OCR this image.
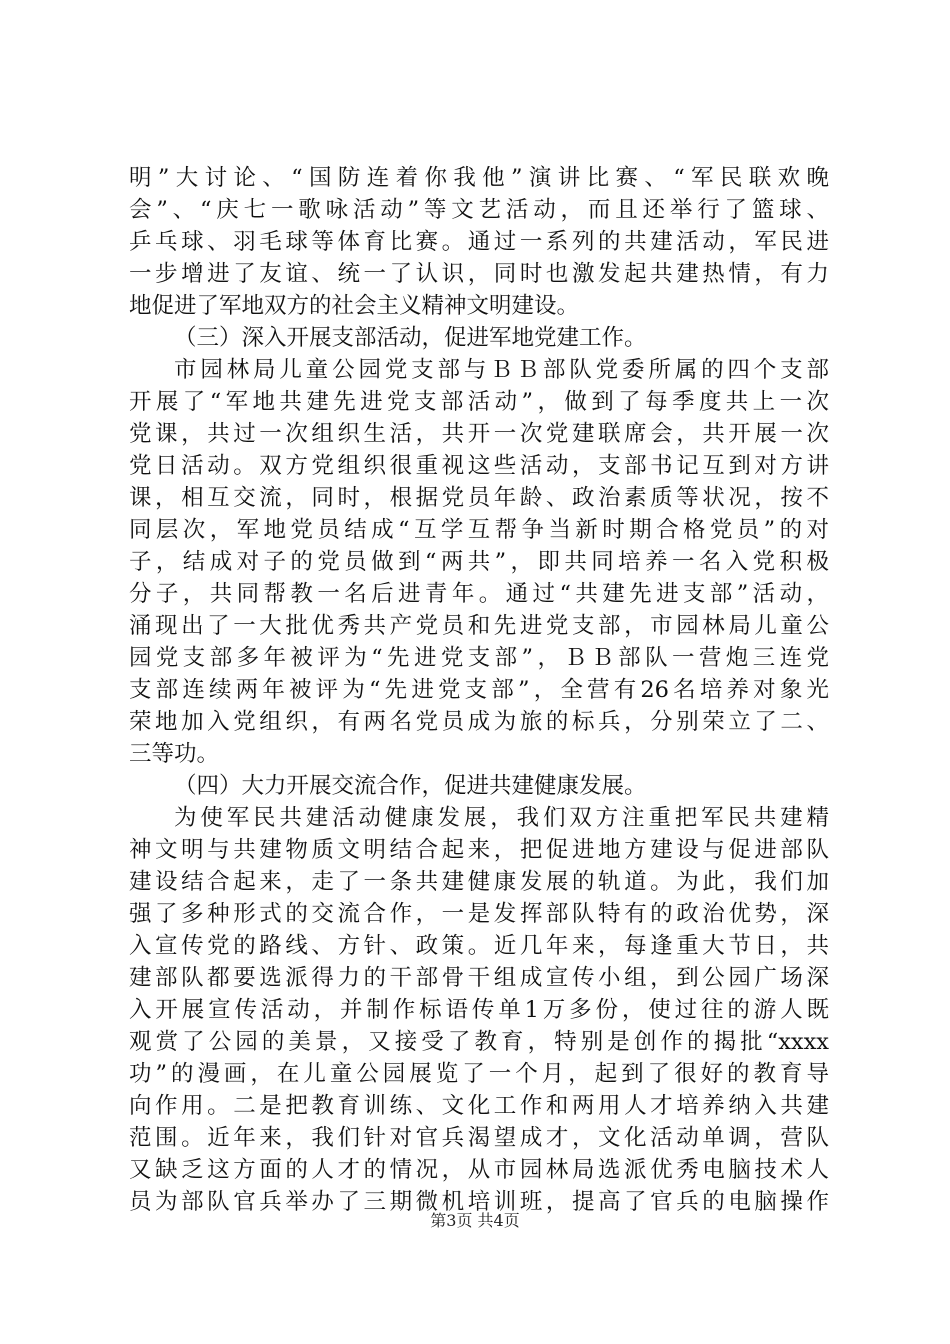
明”大讨论、“国防连着你我他”演讲比赛、“军民联欢晚
会”、“庆七一歌咏活动”等文艺活动，而且还举行了篮球、
乒乓球、羽毛球等体育比赛。通过一系列的共建活动，军民进
一步增进了友谊、统一了认识，同时也激发起共建热情，有力
地促进了军地双方的社会主义精神文明建设。
（三）深入开展支部活动，促进军地党建工作。
市园林局儿童公园党支部与ＢＢ部队党委所属的四个支部
开展了“军地共建先进党支部活动”，做到了每季度共上一次
党课，共过一次组织生活，共开一次党建联席会，共开展一次
党日活动。双方党组织很重视这些活动，支部书记互到对方讲
课，相互交流，同时，根据党员年龄、政治素质等状况，按不
同层次，军地党员结成“互学互帮争当新时期合格党员”的对
子，结成对子的党员做到“两共”，即共同培养一名入党积极
分子，共同帮教一名后进青年。通过“共建先进支部”活动，
涌现出了一大批优秀共产党员和先进党支部，市园林局儿童公
园党支部多年被评为“先进党支部”，ＢＢ部队一营炮三连党
支部连续两年被评为“先进党支部”，全营有26名培养对象光
荣地加入党组织，有两名党员成为旅的标兵，分别荣立了二、
三等功。
（四）大力开展交流合作，促进共建健康发展。
为使军民共建活动健康发展，我们双方注重把军民共建精
神文明与共建物质文明结合起来，把促进地方建设与促进部队
建设结合起来，走了一条共建健康发展的轨道。为此，我们加
强了多种形式的交流合作，一是发挥部队特有的政治优势，深
入宣传党的路线、方针、政策。近几年来，每逢重大节日，共
建部队都要选派得力的干部骨干组成宣传小组，到公园广场深
入开展宣传活动，并制作标语传单1万多份，使过往的游人既
观赏了公园的美景，又接受了教育，特别是创作的揭批“xxxx
功”的漫画，在儿童公园展览了一个月，起到了很好的教育导
向作用。二是把教育训练、文化工作和两用人才培养纳入共建
范围。近年来，我们针对官兵渴望成才，文化活动单调，营队
又缺乏这方面的人才的情况，从市园林局选派优秀电脑技术人
员为部队官兵举办了三期微机培训班，提高了官兵的电脑操作
第3页 共4页
